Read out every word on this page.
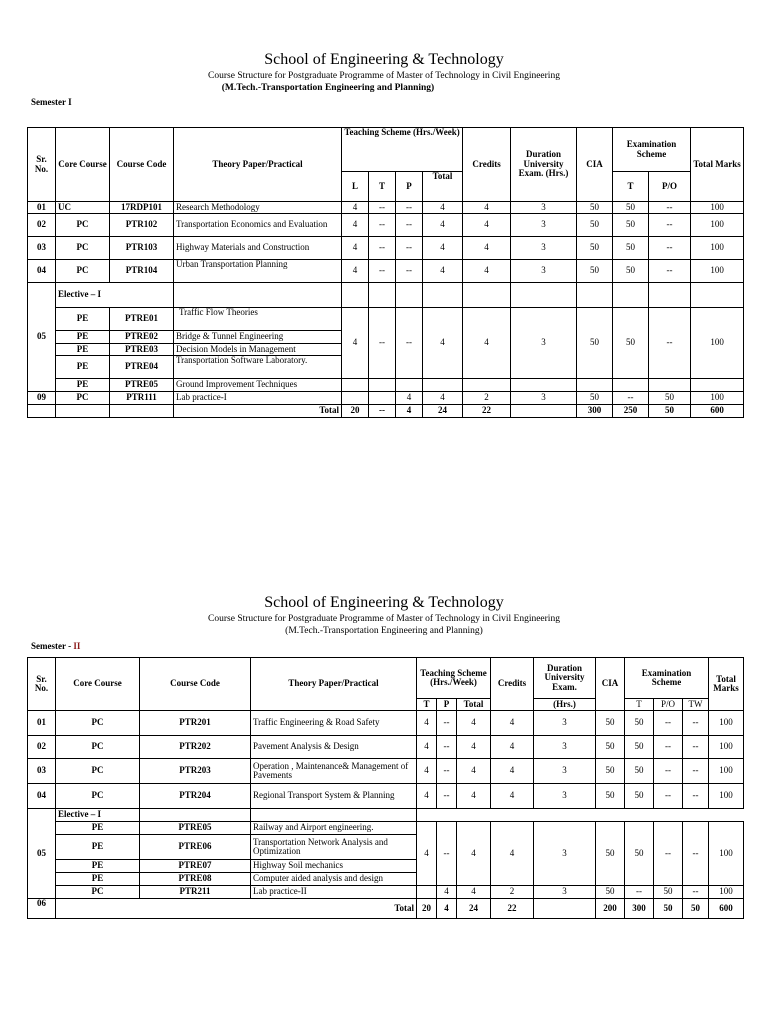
School of Engineering & Technology
Course Structure for Postgraduate Programme of Master of Technology in Civil Engineering
(M.Tech.-Transportation Engineering and Planning)
Semester I
Sr. No.	Core Course	Course Code	Theory Paper/Practical	Teaching Scheme (Hrs./Week)				Credits	Duration University Exam. (Hrs.)	CIA	Examination Scheme		Total Marks
				L	T	P	Total				T	P/O	
01	UC	17RDP101	Research Methodology	4	--	--	4	4	3	50	50	--	100
02	PC	PTR102	Transportation Economics and Evaluation	4	--	--	4	4	3	50	50	--	100
03	PC	PTR103	Highway Materials and Construction	4	--	--	4	4	3	50	50	--	100
04	PC	PTR104	Urban Transportation Planning	4	--	--	4	4	3	50	50	--	100
05	Elective – I												
	PE	PTRE01	Traffic Flow Theories	4	--	--	4	4	3	50	50	--	100
	PE	PTRE02	Bridge & Tunnel Engineering										
	PE	PTRE03	Decision Models in Management										
	PE	PTRE04	Transportation Software Laboratory.										
	PE	PTRE05	Ground Improvement Techniques										
09	PC	PTR111	Lab practice-I			4	4	2	3	50	--	50	100
			Total	20	--	4	24	22		300	250	50	600
School of Engineering & Technology
Course Structure for Postgraduate Programme of Master of Technology in Civil Engineering
(M.Tech.-Transportation Engineering and Planning)
Semester - II
Sr. No.	Core Course	Course Code	Theory Paper/Practical	Teaching Scheme (Hrs./Week)			Credits	Duration University Exam.	CIA	Examination Scheme			Total Marks
				T	P	Total		(Hrs.)		T	P/O	TW	
01	PC	PTR201	Traffic Engineering & Road Safety	4	--	4	4	3	50	50	--	--	100
02	PC	PTR202	Pavement Analysis & Design	4	--	4	4	3	50	50	--	--	100
03	PC	PTR203	Operation , Maintenance& Management of Pavements	4	--	4	4	3	50	50	--	--	100
04	PC	PTR204	Regional Transport System & Planning	4	--	4	4	3	50	50	--	--	100
05	Elective – I												
	PE	PTRE05	Railway and Airport engineering.	4	--	4	4	3	50	50	--	--	100
	PE	PTRE06	Transportation Network Analysis and Optimization										
	PE	PTRE07	Highway Soil mechanics										
	PE	PTRE08	Computer aided analysis and design										
	PC	PTR211	Lab practice-II		4	4	2	3	50	--	50	--	100
06	Total			20	4	24	22		200	300	50	50	600
